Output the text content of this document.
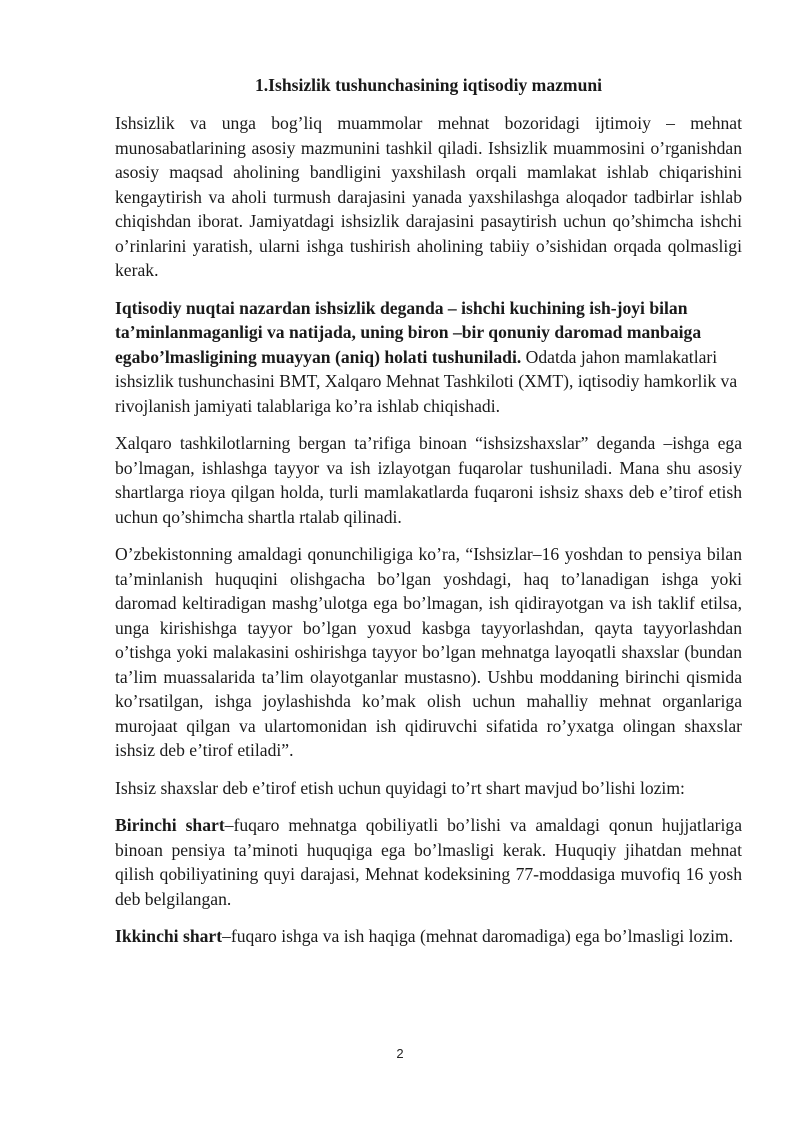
1.Ishsizlik tushunchasining iqtisodiy mazmuni

Ishsizlik va unga bog’liq muammolar mehnat bozoridagi ijtimoiy – mehnat munosabatlarining asosiy mazmunini tashkil qiladi. Ishsizlik muammosini o’rganishdan asosiy maqsad aholining bandligini yaxshilash orqali mamlakat ishlab chiqarishini kengaytirish va aholi turmush darajasini yanada yaxshilashga aloqador tadbirlar ishlab chiqishdan iborat. Jamiyatdagi ishsizlik darajasini pasaytirish uchun qo’shimcha ishchi o’rinlarini yaratish, ularni ishga tushirish aholining tabiiy o’sishidan orqada qolmasligi kerak.

Iqtisodiy nuqtai nazardan ishsizlik deganda – ishchi kuchining ish-joyi bilan ta’minlanmaganligi va natijada, uning biron –bir qonuniy daromad manbaiga egabo’lmasligining muayyan (aniq) holati tushuniladi. Odatda jahon mamlakatlari ishsizlik tushunchasini BMT, Xalqaro Mehnat Tashkiloti (XMT), iqtisodiy hamkorlik va rivojlanish jamiyati talablariga ko’ra ishlab chiqishadi.

Xalqaro tashkilotlarning bergan ta’rifiga binoan “ishsizshaxslar” deganda –ishga ega bo’lmagan, ishlashga tayyor va ish izlayotgan fuqarolar tushuniladi. Mana shu asosiy shartlarga rioya qilgan holda, turli mamlakatlarda fuqaroni ishsiz shaxs deb e’tirof etish uchun qo’shimcha shartla rtalab qilinadi.

O’zbekistonning amaldagi qonunchiligiga ko’ra, “Ishsizlar–16 yoshdan to pensiya bilan ta’minlanish huquqini olishgacha bo’lgan yoshdagi, haq to’lanadigan ishga yoki daromad keltiradigan mashg’ulotga ega bo’lmagan, ish qidirayotgan va ish taklif etilsa, unga kirishishga tayyor bo’lgan yoxud kasbga tayyorlashdan, qayta tayyorlashdan o’tishga yoki malakasini oshirishga tayyor bo’lgan mehnatga layoqatli shaxslar (bundan ta’lim muassalarida ta’lim olayotganlar mustasno). Ushbu moddaning birinchi qismida ko’rsatilgan, ishga joylashishda ko’mak olish uchun mahalliy mehnat organlariga murojaat qilgan va ulartomonidan ish qidiruvchi sifatida ro’yxatga olingan shaxslar ishsiz deb e’tirof etiladi”.

Ishsiz shaxslar deb e’tirof etish uchun quyidagi to’rt shart mavjud bo’lishi lozim:

Birinchi shart–fuqaro mehnatga qobiliyatli bo’lishi va amaldagi qonun hujjatlariga binoan pensiya ta’minoti huquqiga ega bo’lmasligi kerak. Huquqiy jihatdan mehnat qilish qobiliyatining quyi darajasi, Mehnat kodeksining 77-moddasiga muvofiq 16 yosh deb belgilangan.

Ikkinchi shart–fuqaro ishga va ish haqiga (mehnat daromadiga) ega bo’lmasligi lozim.

2
